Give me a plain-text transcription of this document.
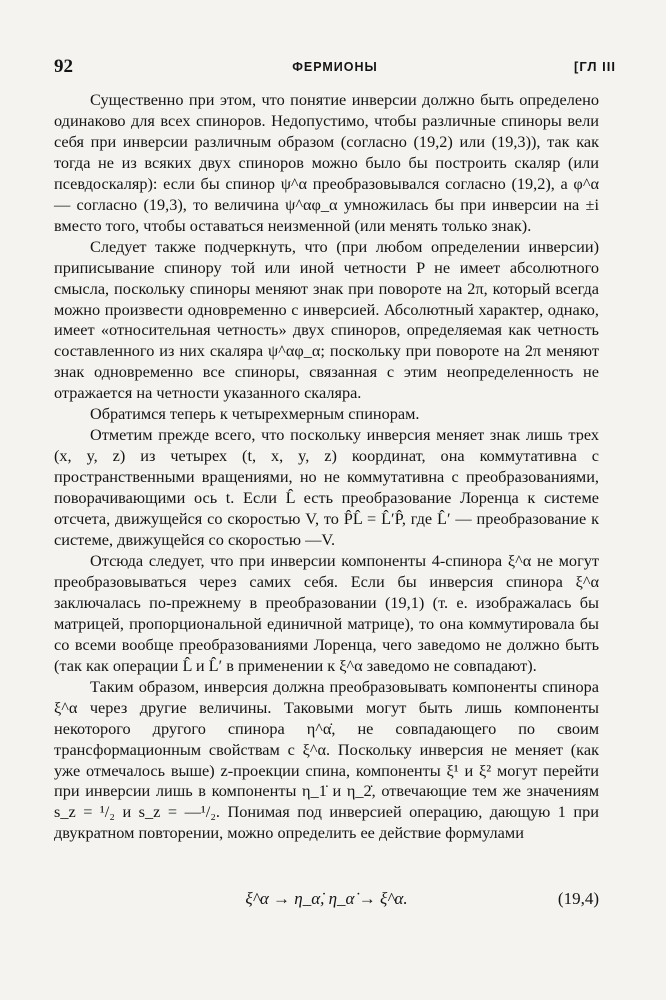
92	ФЕРМИОНЫ	[ГЛ III

Существенно при этом, что понятие инверсии должно быть определено одинаково для всех спиноров. Недопустимо, чтобы различные спиноры вели себя при инверсии различным образом (согласно (19,2) или (19,3)), так как тогда не из всяких двух спиноров можно было бы построить скаляр (или псевдоскаляр): если бы спинор ψ^α преобразовывался согласно (19,2), а φ^α — согласно (19,3), то величина ψ^αφ_α умножилась бы при инверсии на ±i вместо того, чтобы оставаться неизменной (или менять только знак).

Следует также подчеркнуть, что (при любом определении инверсии) приписывание спинору той или иной четности P не имеет абсолютного смысла, поскольку спиноры меняют знак при повороте на 2π, который всегда можно произвести одновременно с инверсией. Абсолютный характер, однако, имеет «относительная четность» двух спиноров, определяемая как четность составленного из них скаляра ψ^αφ_α; поскольку при повороте на 2π меняют знак одновременно все спиноры, связанная с этим неопределенность не отражается на четности указанного скаляра.

Обратимся теперь к четырехмерным спинорам.

Отметим прежде всего, что поскольку инверсия меняет знак лишь трех (x, y, z) из четырех (t, x, y, z) координат, она коммутативна с пространственными вращениями, но не коммутативна с преобразованиями, поворачивающими ось t. Если L̂ есть преобразование Лоренца к системе отсчета, движущейся со скоростью V, то P̂L̂ = L̂′P̂, где L̂′ — преобразование к системе, движущейся со скоростью —V.

Отсюда следует, что при инверсии компоненты 4-спинора ξ^α не могут преобразовываться через самих себя. Если бы инверсия спинора ξ^α заключалась по-прежнему в преобразовании (19,1) (т. е. изображалась бы матрицей, пропорциональной единичной матрице), то она коммутировала бы со всеми вообще преобразованиями Лоренца, чего заведомо не должно быть (так как операции L̂ и L̂′ в применении к ξ^α заведомо не совпадают).

Таким образом, инверсия должна преобразовывать компоненты спинора ξ^α через другие величины. Таковыми могут быть лишь компоненты некоторого другого спинора η^α̇, не совпадающего по своим трансформационным свойствам с ξ^α. Поскольку инверсия не меняет (как уже отмечалось выше) z-проекции спина, компоненты ξ¹ и ξ² могут перейти при инверсии лишь в компоненты η_1̇ и η_2̇, отвечающие тем же значениям s_z = ¹/₂ и s_z = —¹/₂. Понимая под инверсией операцию, дающую 1 при двукратном повторении, можно определить ее действие формулами

ξ^α → η_α̇, η_α̇ → ξ^α.	(19,4)
